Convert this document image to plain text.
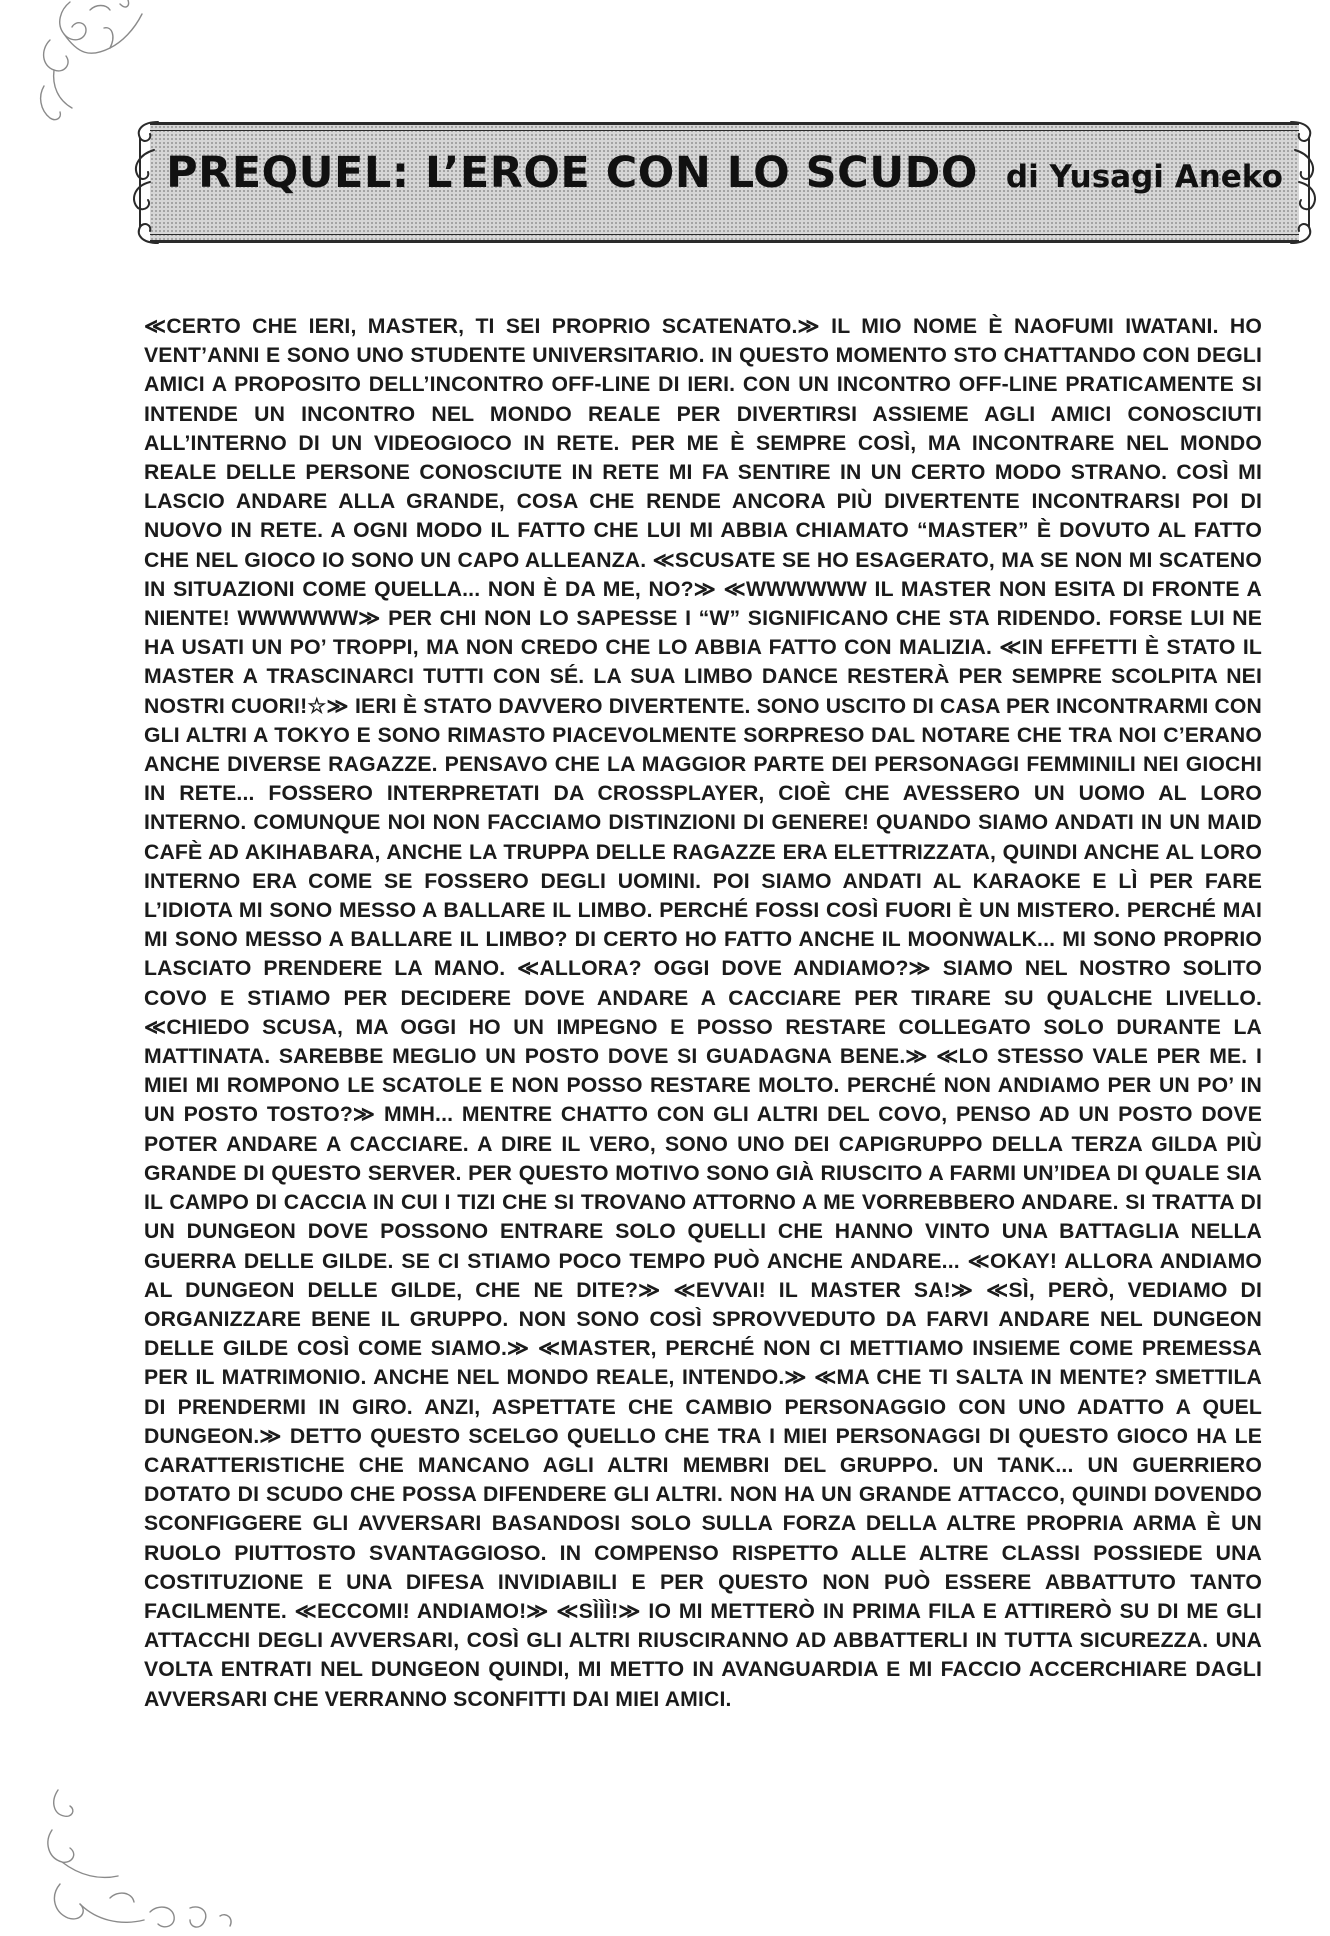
PREQUEL: L’EROE CON LO SCUDO di Yusagi Aneko

≪CERTO CHE IERI, MASTER, TI SEI PROPRIO SCATENATO.≫ IL MIO NOME È NAOFUMI IWATANI. HO VENT’ANNI E SONO UNO STUDENTE UNIVERSITARIO. IN QUESTO MOMENTO STO CHATTANDO CON DEGLI AMICI A PROPOSITO DELL’INCONTRO OFF-LINE DI IERI. CON UN INCONTRO OFF-LINE PRATICAMENTE SI INTENDE UN INCONTRO NEL MONDO REALE PER DIVERTIRSI ASSIEME AGLI AMICI CONOSCIUTI ALL’INTERNO DI UN VIDEOGIOCO IN RETE. PER ME È SEMPRE COSÌ, MA INCONTRARE NEL MONDO REALE DELLE PERSONE CONOSCIUTE IN RETE MI FA SENTIRE IN UN CERTO MODO STRANO. COSÌ MI LASCIO ANDARE ALLA GRANDE, COSA CHE RENDE ANCORA PIÙ DIVERTENTE INCONTRARSI POI DI NUOVO IN RETE. A OGNI MODO IL FATTO CHE LUI MI ABBIA CHIAMATO “MASTER” È DOVUTO AL FATTO CHE NEL GIOCO IO SONO UN CAPO ALLEANZA. ≪SCUSATE SE HO ESAGERATO, MA SE NON MI SCATENO IN SITUAZIONI COME QUELLA... NON È DA ME, NO?≫ ≪WWWWWW IL MASTER NON ESITA DI FRONTE A NIENTE! WWWWWW≫ PER CHI NON LO SAPESSE I “W” SIGNIFICANO CHE STA RIDENDO. FORSE LUI NE HA USATI UN PO’ TROPPI, MA NON CREDO CHE LO ABBIA FATTO CON MALIZIA. ≪IN EFFETTI È STATO IL MASTER A TRASCINARCI TUTTI CON SÉ. LA SUA LIMBO DANCE RESTERÀ PER SEMPRE SCOLPITA NEI NOSTRI CUORI!☆≫ IERI È STATO DAVVERO DIVERTENTE. SONO USCITO DI CASA PER INCONTRARMI CON GLI ALTRI A TOKYO E SONO RIMASTO PIACEVOLMENTE SORPRESO DAL NOTARE CHE TRA NOI C’ERANO ANCHE DIVERSE RAGAZZE. PENSAVO CHE LA MAGGIOR PARTE DEI PERSONAGGI FEMMINILI NEI GIOCHI IN RETE... FOSSERO INTERPRETATI DA CROSSPLAYER, CIOÈ CHE AVESSERO UN UOMO AL LORO INTERNO. COMUNQUE NOI NON FACCIAMO DISTINZIONI DI GENERE! QUANDO SIAMO ANDATI IN UN MAID CAFÈ AD AKIHABARA, ANCHE LA TRUPPA DELLE RAGAZZE ERA ELETTRIZZATA, QUINDI ANCHE AL LORO INTERNO ERA COME SE FOSSERO DEGLI UOMINI. POI SIAMO ANDATI AL KARAOKE E LÌ PER FARE L’IDIOTA MI SONO MESSO A BALLARE IL LIMBO. PERCHÉ FOSSI COSÌ FUORI È UN MISTERO. PERCHÉ MAI MI SONO MESSO A BALLARE IL LIMBO? DI CERTO HO FATTO ANCHE IL MOONWALK... MI SONO PROPRIO LASCIATO PRENDERE LA MANO. ≪ALLORA? OGGI DOVE ANDIAMO?≫ SIAMO NEL NOSTRO SOLITO COVO E STIAMO PER DECIDERE DOVE ANDARE A CACCIARE PER TIRARE SU QUALCHE LIVELLO. ≪CHIEDO SCUSA, MA OGGI HO UN IMPEGNO E POSSO RESTARE COLLEGATO SOLO DURANTE LA MATTINATA. SAREBBE MEGLIO UN POSTO DOVE SI GUADAGNA BENE.≫ ≪LO STESSO VALE PER ME. I MIEI MI ROMPONO LE SCATOLE E NON POSSO RESTARE MOLTO. PERCHÉ NON ANDIAMO PER UN PO’ IN UN POSTO TOSTO?≫ MMH... MENTRE CHATTO CON GLI ALTRI DEL COVO, PENSO AD UN POSTO DOVE POTER ANDARE A CACCIARE. A DIRE IL VERO, SONO UNO DEI CAPIGRUPPO DELLA TERZA GILDA PIÙ GRANDE DI QUESTO SERVER. PER QUESTO MOTIVO SONO GIÀ RIUSCITO A FARMI UN’IDEA DI QUALE SIA IL CAMPO DI CACCIA IN CUI I TIZI CHE SI TROVANO ATTORNO A ME VORREBBERO ANDARE. SI TRATTA DI UN DUNGEON DOVE POSSONO ENTRARE SOLO QUELLI CHE HANNO VINTO UNA BATTAGLIA NELLA GUERRA DELLE GILDE. SE CI STIAMO POCO TEMPO PUÒ ANCHE ANDARE... ≪OKAY! ALLORA ANDIAMO AL DUNGEON DELLE GILDE, CHE NE DITE?≫ ≪EVVAI! IL MASTER SA!≫ ≪SÌ, PERÒ, VEDIAMO DI ORGANIZZARE BENE IL GRUPPO. NON SONO COSÌ SPROVVEDUTO DA FARVI ANDARE NEL DUNGEON DELLE GILDE COSÌ COME SIAMO.≫ ≪MASTER, PERCHÉ NON CI METTIAMO INSIEME COME PREMESSA PER IL MATRIMONIO. ANCHE NEL MONDO REALE, INTENDO.≫ ≪MA CHE TI SALTA IN MENTE? SMETTILA DI PRENDERMI IN GIRO. ANZI, ASPETTATE CHE CAMBIO PERSONAGGIO CON UNO ADATTO A QUEL DUNGEON.≫ DETTO QUESTO SCELGO QUELLO CHE TRA I MIEI PERSONAGGI DI QUESTO GIOCO HA LE CARATTERISTICHE CHE MANCANO AGLI ALTRI MEMBRI DEL GRUPPO. UN TANK... UN GUERRIERO DOTATO DI SCUDO CHE POSSA DIFENDERE GLI ALTRI. NON HA UN GRANDE ATTACCO, QUINDI DOVENDO SCONFIGGERE GLI AVVERSARI BASANDOSI SOLO SULLA FORZA DELLA ALTRE PROPRIA ARMA È UN RUOLO PIUTTOSTO SVANTAGGIOSO. IN COMPENSO RISPETTO ALLE ALTRE CLASSI POSSIEDE UNA COSTITUZIONE E UNA DIFESA INVIDIABILI E PER QUESTO NON PUÒ ESSERE ABBATTUTO TANTO FACILMENTE. ≪ECCOMI! ANDIAMO!≫ ≪SÌÌÌ!≫ IO MI METTERÒ IN PRIMA FILA E ATTIRERÒ SU DI ME GLI ATTACCHI DEGLI AVVERSARI, COSÌ GLI ALTRI RIUSCIRANNO AD ABBATTERLI IN TUTTA SICUREZZA. UNA VOLTA ENTRATI NEL DUNGEON QUINDI, MI METTO IN AVANGUARDIA E MI FACCIO ACCERCHIARE DAGLI AVVERSARI CHE VERRANNO SCONFITTI DAI MIEI AMICI.
